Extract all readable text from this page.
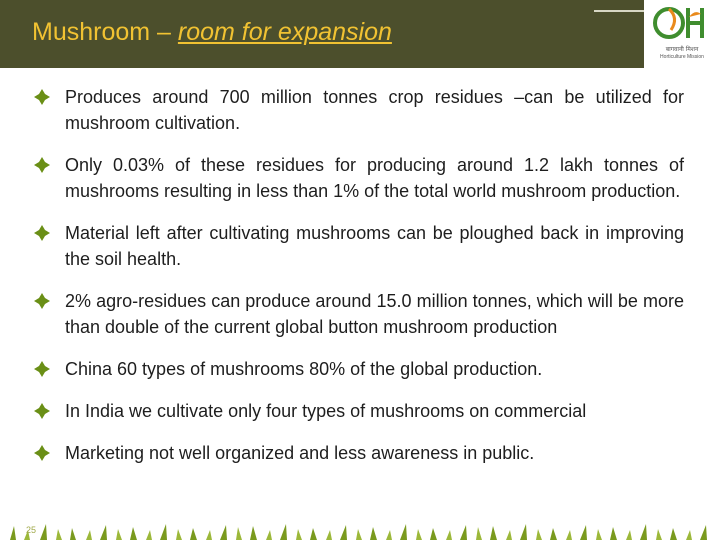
Mushroom – room for expansion
बागवानी मिशन
Horticulture Mission
Produces around 700 million tonnes crop residues –can be utilized for mushroom cultivation.
Only 0.03% of these residues for producing around 1.2 lakh tonnes of mushrooms resulting in less than 1% of the total world mushroom production.
Material left after cultivating mushrooms can be ploughed back in improving the soil health.
2% agro-residues can produce around 15.0 million tonnes, which will be more than double of the current global button mushroom production
China 60 types of mushrooms 80% of the global production.
In India we cultivate only four types of mushrooms on commercial
Marketing not well organized and less awareness in public.
25
